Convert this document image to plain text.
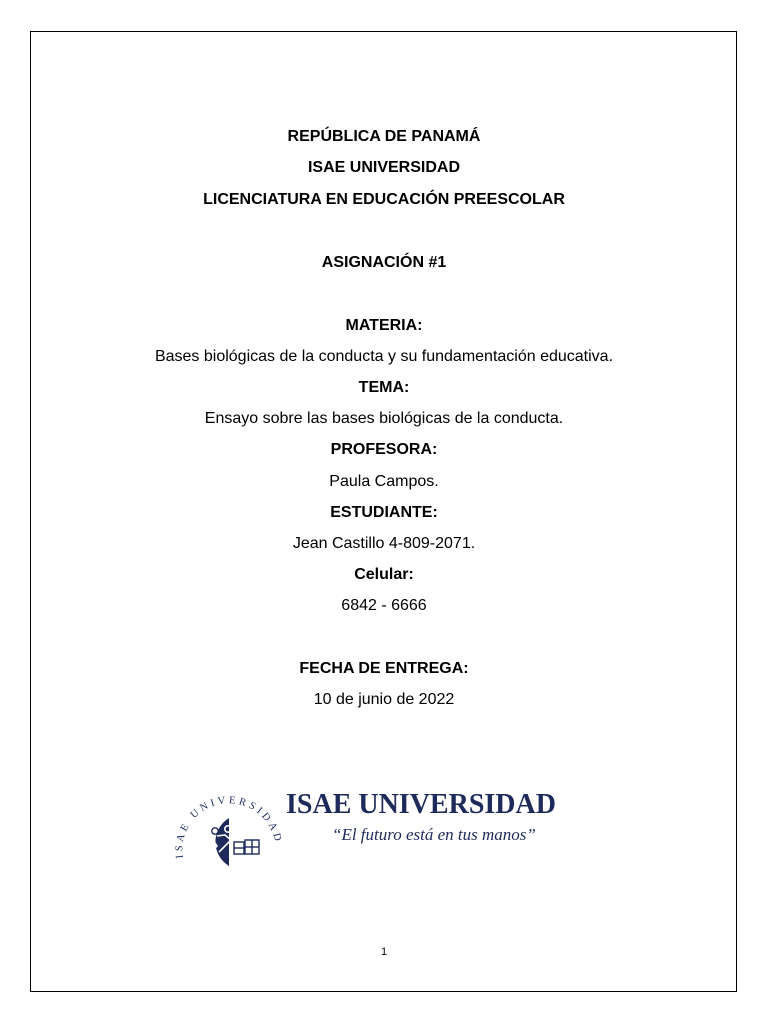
REPÚBLICA DE PANAMÁ
ISAE UNIVERSIDAD
LICENCIATURA EN EDUCACIÓN PREESCOLAR
ASIGNACIÓN #1
MATERIA:
Bases biológicas de la conducta y su fundamentación educativa.
TEMA:
Ensayo sobre las bases biológicas de la conducta.
PROFESORA:
Paula Campos.
ESTUDIANTE:
Jean Castillo 4-809-2071.
Celular:
6842 - 6666
FECHA DE ENTREGA:
10 de junio de 2022
ISAE UNIVERSIDAD
ISAE UNIVERSIDAD
“El futuro está en tus manos”
1
